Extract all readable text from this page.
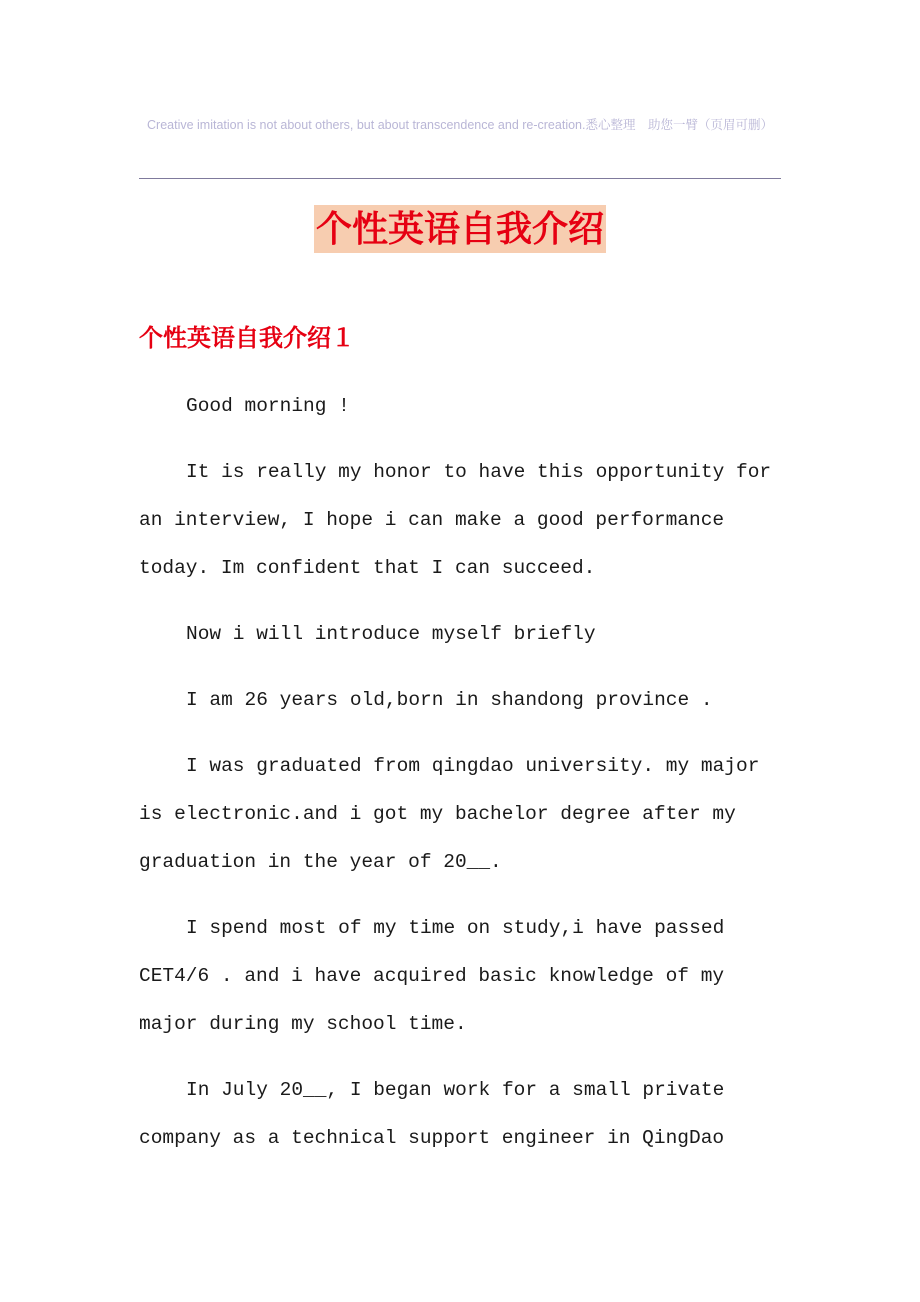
Creative imitation is not about others, but about transcendence and re-creation.悉心整理　助您一臂（页眉可删）
个性英语自我介绍
个性英语自我介绍１

Good morning !

It is really my honor to have this opportunity for an interview, I hope i can make a good performance today. Im confident that I can succeed.

Now i will introduce myself briefly

I am 26 years old,born in shandong province .

I was graduated from qingdao university. my major is electronic.and i got my bachelor degree after my graduation in the year of 20__.

I spend most of my time on study,i have passed CET4/6 . and i have acquired basic knowledge of my major during my school time.

In July 20__, I began work for a small private company as a technical support engineer in QingDao
